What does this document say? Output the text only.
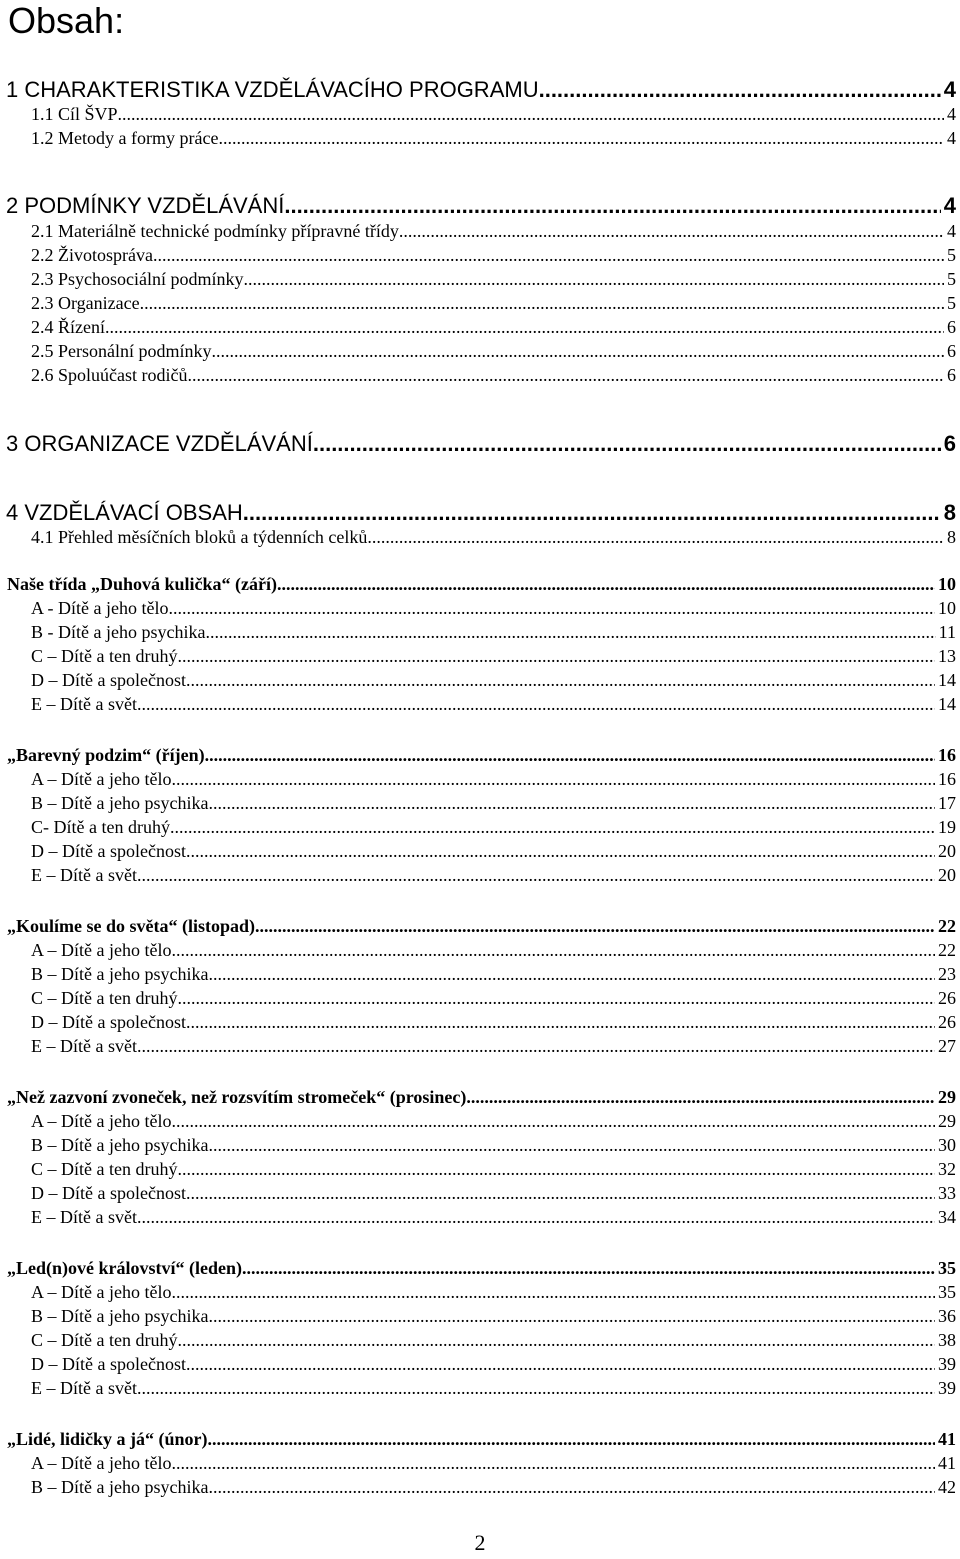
Obsah:
1 CHARAKTERISTIKA VZDĚLÁVACÍHO PROGRAMU .....	4
1.1 Cíl ŠVP .....	4
1.2 Metody a formy práce .....	4
2 PODMÍNKY VZDĚLÁVÁNÍ .....	4
2.1 Materiálně technické podmínky přípravné třídy .....	4
2.2 Životospráva .....	5
2.3 Psychosociální podmínky .....	5
2.3 Organizace .....	5
2.4 Řízení .....	6
2.5 Personální podmínky .....	6
2.6 Spoluúčast rodičů .....	6
3 ORGANIZACE VZDĚLÁVÁNÍ .....	6
4 VZDĚLÁVACÍ OBSAH .....	8
4.1 Přehled měsíčních bloků a týdenních celků .....	8
Naše třída „Duhová kulička“ (září) .....	10
A - Dítě a jeho tělo .....	10
B - Dítě a jeho psychika .....	11
C – Dítě a ten druhý .....	13
D – Dítě a společnost .....	14
E – Dítě a svět .....	14
„Barevný podzim“ (říjen) .....	16
A – Dítě a jeho tělo .....	16
B – Dítě a jeho psychika .....	17
C- Dítě a ten druhý .....	19
D – Dítě a společnost .....	20
E – Dítě a svět .....	20
„Koulíme se do světa“ (listopad) .....	22
A – Dítě a jeho tělo .....	22
B – Dítě a jeho psychika .....	23
C – Dítě a ten druhý .....	26
D – Dítě a společnost .....	26
E – Dítě a svět .....	27
„Než zazvoní zvoneček, než rozsvítím stromeček“ (prosinec) .....	29
A – Dítě a jeho tělo .....	29
B – Dítě a jeho psychika .....	30
C – Dítě a ten druhý .....	32
D – Dítě a společnost .....	33
E – Dítě a svět .....	34
„Led(n)ové království“ (leden) .....	35
A – Dítě a jeho tělo .....	35
B – Dítě a jeho psychika .....	36
C – Dítě a ten druhý .....	38
D – Dítě a společnost .....	39
E – Dítě a svět .....	39
„Lidé, lidičky a já“ (únor) .....	41
A – Dítě a jeho tělo .....	41
B – Dítě a jeho psychika .....	42
2
